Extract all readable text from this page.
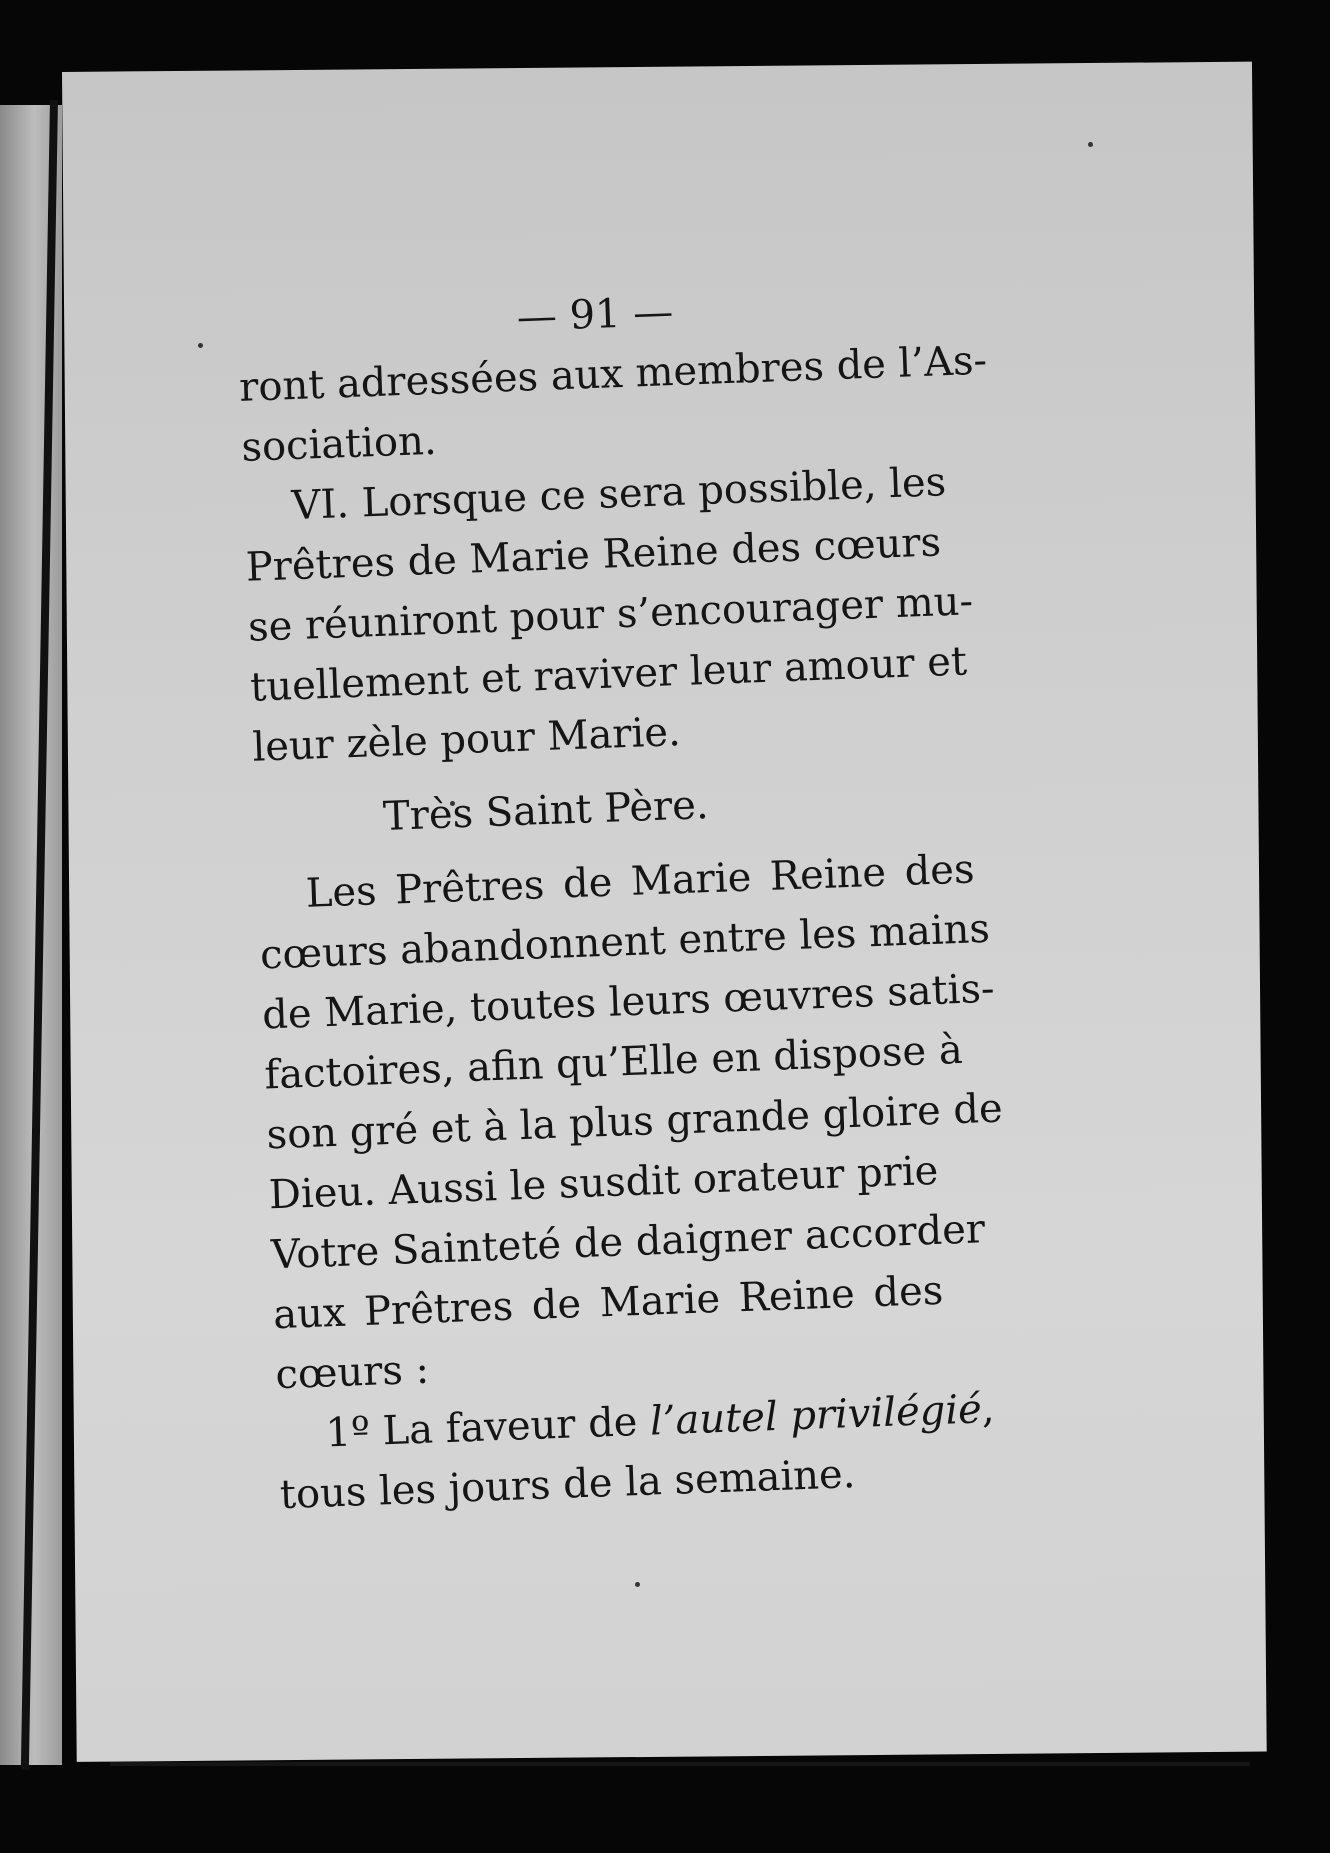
— 91 —
ront adressées aux membres de l’As-
sociation.
VI. Lorsque ce sera possible, les
Prêtres de Marie Reine des cœurs
se réuniront pour s’encourager mu-
tuellement et raviver leur amour et
leur zèle pour Marie.
Très Saint Père.
Les Prêtres de Marie Reine des
cœurs abandonnent entre les mains
de Marie, toutes leurs œuvres satis-
factoires, afin qu’Elle en dispose à
son gré et à la plus grande gloire de
Dieu. Aussi le susdit orateur prie
Votre Sainteté de daigner accorder
aux Prêtres de Marie Reine des
cœurs :
1º La faveur de l’autel privilégié,
tous les jours de la semaine.
